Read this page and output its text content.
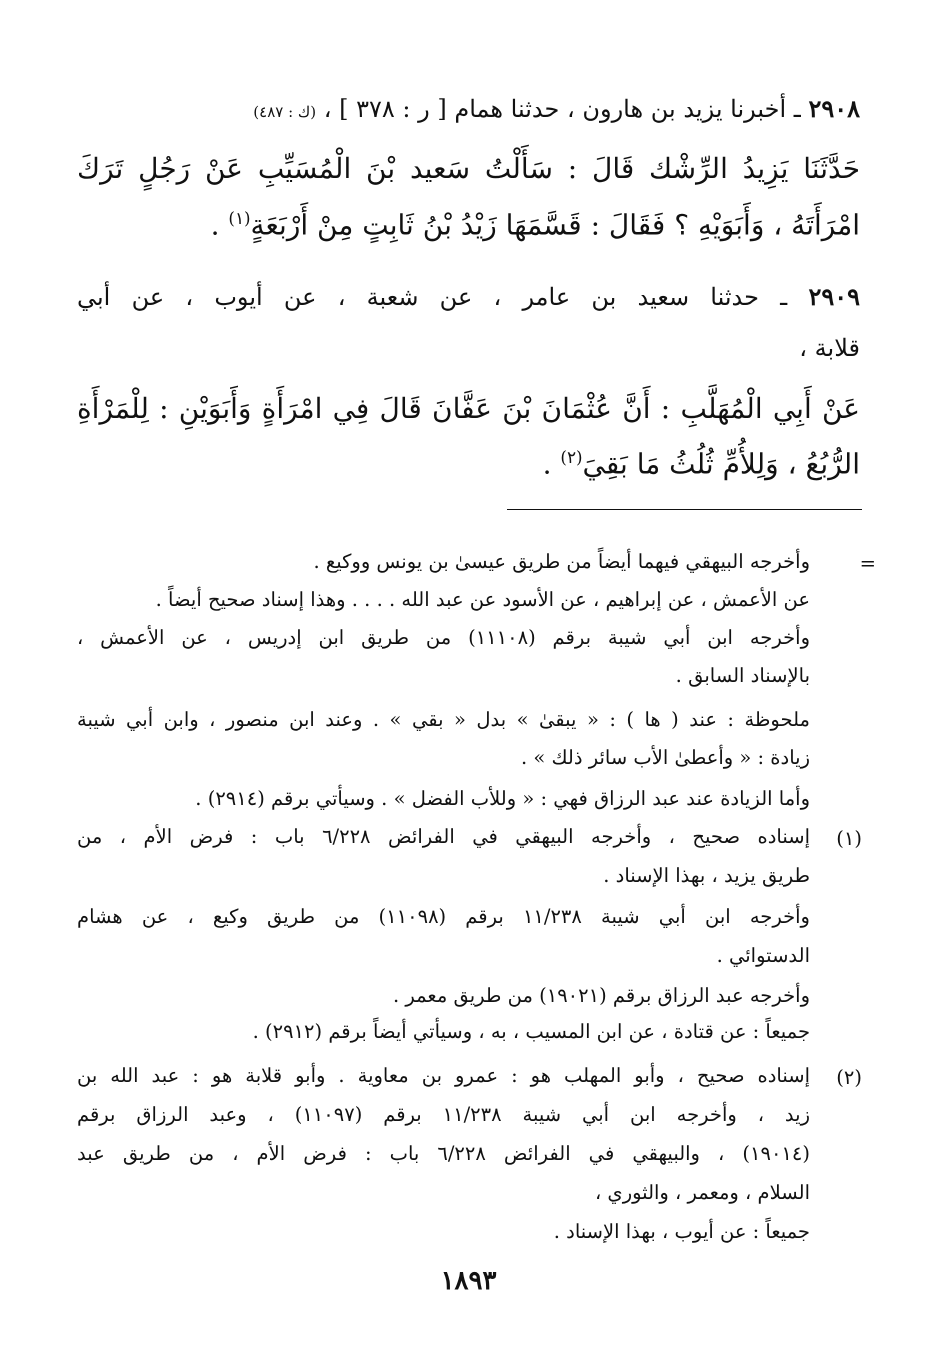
٢٩٠٨ ـ أخبرنا يزيد بن هارون ، حدثنا همام [ ر : ٣٧٨ ] ، (ك : ٤٨٧)
حَدَّثَنَا يَزِيدُ الرِّشْك قَالَ : سَأَلْتُ سَعيد بْنَ الْمُسَيِّبِ عَنْ رَجُلٍ تَرَكَ
امْرَأَتَهُ ، وَأَبَوَيْهِ ؟ فَقَالَ : قَسَّمَهَا زَيْدُ بْنُ ثَابِتٍ مِنْ أَرْبَعَةٍ$^{(١)}$ .
٢٩٠٩ ـ حدثنا سعيد بن عامر ، عن شعبة ، عن أيوب ، عن أبي
قلابة ،
عَنْ أَبِي الْمُهَلَّبِ : أَنَّ عُثْمَانَ بْنَ عَفَّانَ قَالَ فِي امْرَأَةٍ وَأَبَوَيْنِ : لِلْمَرْأَةِ
الرُّبُعُ ، وَلِلأُمِّ ثُلُثُ مَا بَقِيَ$^{(٢)}$ .
=
وأخرجه البيهقي فيهما أيضاً من طريق عيسىٰ بن يونس ووكيع .
عن الأعمش ، عن إبراهيم ، عن الأسود عن عبد الله . . . . وهذا إسناد صحيح أيضاً .
وأخرجه ابن أبي شيبة برقم (١١١٠٨) من طريق ابن إدريس ، عن الأعمش ،
بالإسناد السابق .
ملحوظة : عند ( ها ) : « يبقىٰ » بدل « بقي » . وعند ابن منصور ، وابن أبي شيبة
زيادة : « وأعطىٰ الأب سائر ذلك » .
وأما الزيادة عند عبد الرزاق فهي : « وللأب الفضل » . وسيأتي برقم (٢٩١٤) .
(١)
إسناده صحيح ، وأخرجه البيهقي في الفرائض ٦/٢٢٨ باب : فرض الأم ، من
طريق يزيد ، بهذا الإسناد .
وأخرجه ابن أبي شيبة ١١/٢٣٨ برقم (١١٠٩٨) من طريق وكيع ، عن هشام
الدستوائي .
وأخرجه عبد الرزاق برقم (١٩٠٢١) من طريق معمر .
جميعاً : عن قتادة ، عن ابن المسيب ، به ، وسيأتي أيضاً برقم (٢٩١٢) .
(٢)
إسناده صحيح ، وأبو المهلب هو : عمرو بن معاوية . وأبو قلابة هو : عبد الله بن
زيد ، وأخرجه ابن أبي شيبة ١١/٢٣٨ برقم (١١٠٩٧) ، وعبد الرزاق برقم
(١٩٠١٤) ، والبيهقي في الفرائض ٦/٢٢٨ باب : فرض الأم ، من طريق عبد
السلام ، ومعمر ، والثوري ،
جميعاً : عن أيوب ، بهذا الإسناد .
١٨٩٣
